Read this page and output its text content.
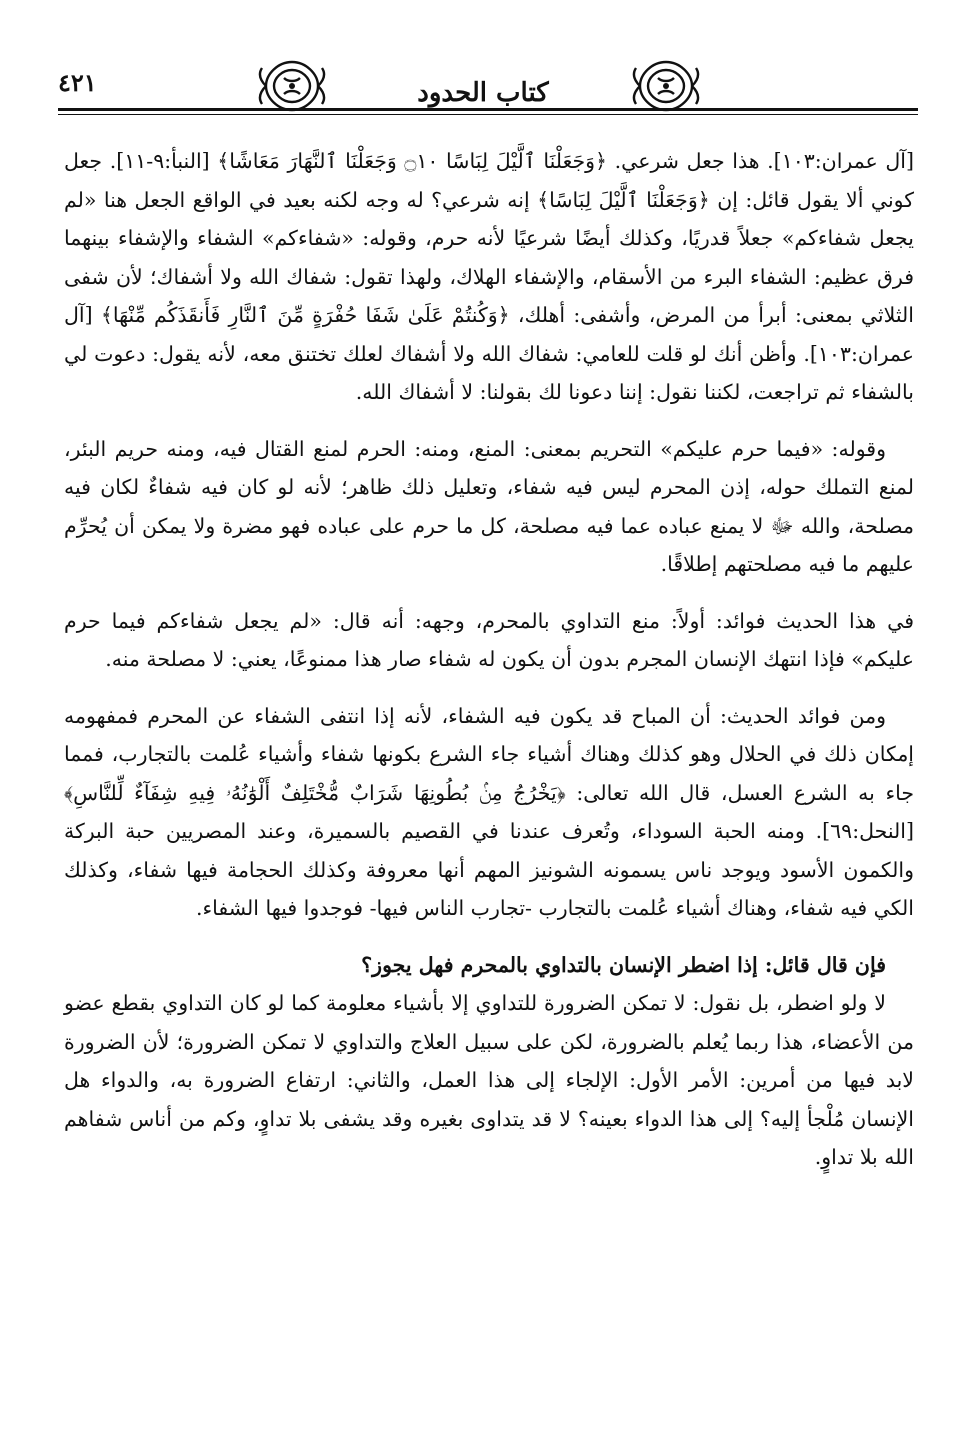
٤٢١	كتاب الحدود

[آل عمران:١٠٣]. هذا جعل شرعي. ﴿وَجَعَلْنَا ٱلَّيْلَ لِبَاسًا ۝١٠ وَجَعَلْنَا ٱلنَّهَارَ مَعَاشًا﴾ [النبأ:٩-١١]. جعل كوني ألا يقول قائل: إن ﴿وَجَعَلْنَا ٱلَّيْلَ لِبَاسًا﴾ إنه شرعي؟ له وجه لكنه بعيد في الواقع الجعل هنا «لم يجعل شفاءكم» جعلاً قدريًا، وكذلك أيضًا شرعيًا لأنه حرم، وقوله: «شفاءكم» الشفاء والإشفاء بينهما فرق عظيم: الشفاء البرء من الأسقام، والإشفاء الهلاك، ولهذا تقول: شفاك الله ولا أشفاك؛ لأن شفى الثلاثي بمعنى: أبرأ من المرض، وأشفى: أهلك، ﴿وَكُنتُمْ عَلَىٰ شَفَا حُفْرَةٍ مِّنَ ٱلنَّارِ فَأَنقَذَكُم مِّنْهَا﴾ [آل عمران:١٠٣]. وأظن أنك لو قلت للعامي: شفاك الله ولا أشفاك لعلك تختنق معه، لأنه يقول: دعوت لي بالشفاء ثم تراجعت، لكننا نقول: إننا دعونا لك بقولنا: لا أشفاك الله.

وقوله: «فيما حرم عليكم» التحريم بمعنى: المنع، ومنه: الحرم لمنع القتال فيه، ومنه حريم البئر، لمنع التملك حوله، إذن المحرم ليس فيه شفاء، وتعليل ذلك ظاهر؛ لأنه لو كان فيه شفاءٌ لكان فيه مصلحة، والله ﷻ لا يمنع عباده عما فيه مصلحة، كل ما حرم على عباده فهو مضرة ولا يمكن أن يُحرِّم عليهم ما فيه مصلحتهم إطلاقًا.

في هذا الحديث فوائد: أولاً: منع التداوي بالمحرم، وجهه: أنه قال: «لم يجعل شفاءكم فيما حرم عليكم» فإذا انتهك الإنسان المجرم بدون أن يكون له شفاء صار هذا ممنوعًا، يعني: لا مصلحة منه.

ومن فوائد الحديث: أن المباح قد يكون فيه الشفاء، لأنه إذا انتفى الشفاء عن المحرم فمفهومه إمكان ذلك في الحلال وهو كذلك وهناك أشياء جاء الشرع بكونها شفاء وأشياء عُلمت بالتجارب، فمما جاء به الشرع العسل، قال الله تعالى: ﴿يَخْرُجُ مِنۢ بُطُونِهَا شَرَابٌ مُّخْتَلِفٌ أَلْوَٰنُهُۥ فِيهِ شِفَآءٌ لِّلنَّاسِ﴾ [النحل:٦٩]. ومنه الحبة السوداء، وتُعرف عندنا في القصيم بالسميرة، وعند المصريين حبة البركة والكمون الأسود ويوجد ناس يسمونه الشونيز المهم أنها معروفة وكذلك الحجامة فيها شفاء، وكذلك الكي فيه شفاء، وهناك أشياء عُلمت بالتجارب -تجارب الناس فيها- فوجدوا فيها الشفاء.

فإن قال قائل: إذا اضطر الإنسان بالتداوي بالمحرم فهل يجوز؟

لا ولو اضطر، بل نقول: لا تمكن الضرورة للتداوي إلا بأشياء معلومة كما لو كان التداوي بقطع عضو من الأعضاء، هذا ربما يُعلم بالضرورة، لكن على سبيل العلاج والتداوي لا تمكن الضرورة؛ لأن الضرورة لابد فيها من أمرين: الأمر الأول: الإلجاء إلى هذا العمل، والثاني: ارتفاع الضرورة به، والدواء هل الإنسان مُلْجأ إليه؟ إلى هذا الدواء بعينه؟ لا قد يتداوى بغيره وقد يشفى بلا تداوٍ، وكم من أناس شفاهم الله بلا تداوٍ.
